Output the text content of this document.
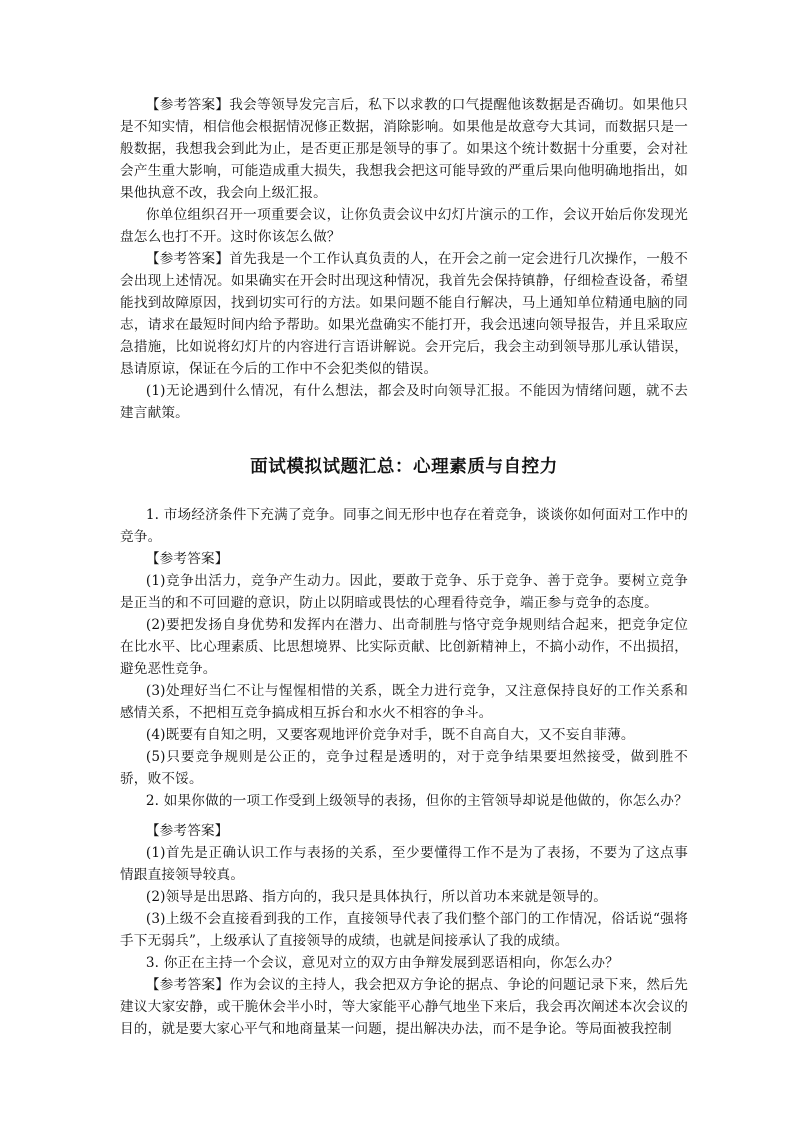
【参考答案】我会等领导发完言后，私下以求教的口气提醒他该数据是否确切。如果他只是不知实情，相信他会根据情况修正数据，消除影响。如果他是故意夸大其词，而数据只是一般数据，我想我会到此为止，是否更正那是领导的事了。如果这个统计数据十分重要，会对社会产生重大影响，可能造成重大损失，我想我会把这可能导致的严重后果向他明确地指出，如果他执意不改，我会向上级汇报。

你单位组织召开一项重要会议，让你负责会议中幻灯片演示的工作，会议开始后你发现光盘怎么也打不开。这时你该怎么做？

【参考答案】首先我是一个工作认真负责的人，在开会之前一定会进行几次操作，一般不会出现上述情况。如果确实在开会时出现这种情况，我首先会保持镇静，仔细检查设备，希望能找到故障原因，找到切实可行的方法。如果问题不能自行解决，马上通知单位精通电脑的同志，请求在最短时间内给予帮助。如果光盘确实不能打开，我会迅速向领导报告，并且采取应急措施，比如说将幻灯片的内容进行言语讲解说。会开完后，我会主动到领导那儿承认错误，恳请原谅，保证在今后的工作中不会犯类似的错误。

(1)无论遇到什么情况，有什么想法，都会及时向领导汇报。不能因为情绪问题，就不去建言献策。

面试模拟试题汇总：心理素质与自控力

1. 市场经济条件下充满了竞争。同事之间无形中也存在着竞争，谈谈你如何面对工作中的竞争。

【参考答案】

(1)竞争出活力，竞争产生动力。因此，要敢于竞争、乐于竞争、善于竞争。要树立竞争是正当的和不可回避的意识，防止以阴暗或畏怯的心理看待竞争，端正参与竞争的态度。

(2)要把发扬自身优势和发挥内在潜力、出奇制胜与恪守竞争规则结合起来，把竞争定位在比水平、比心理素质、比思想境界、比实际贡献、比创新精神上，不搞小动作，不出损招，避免恶性竞争。

(3)处理好当仁不让与惺惺相惜的关系，既全力进行竞争，又注意保持良好的工作关系和感情关系，不把相互竞争搞成相互拆台和水火不相容的争斗。

(4)既要有自知之明，又要客观地评价竞争对手，既不自高自大，又不妄自菲薄。

(5)只要竞争规则是公正的，竞争过程是透明的，对于竞争结果要坦然接受，做到胜不骄，败不馁。

2. 如果你做的一项工作受到上级领导的表扬，但你的主管领导却说是他做的，你怎么办？

【参考答案】

(1)首先是正确认识工作与表扬的关系，至少要懂得工作不是为了表扬，不要为了这点事情跟直接领导较真。

(2)领导是出思路、指方向的，我只是具体执行，所以首功本来就是领导的。

(3)上级不会直接看到我的工作，直接领导代表了我们整个部门的工作情况，俗话说“强将手下无弱兵”，上级承认了直接领导的成绩，也就是间接承认了我的成绩。

3. 你正在主持一个会议，意见对立的双方由争辩发展到恶语相向，你怎么办？

【参考答案】作为会议的主持人，我会把双方争论的据点、争论的问题记录下来，然后先建议大家安静，或干脆休会半小时，等大家能平心静气地坐下来后，我会再次阐述本次会议的目的，就是要大家心平气和地商量某一问题，提出解决办法，而不是争论。等局面被我控制
